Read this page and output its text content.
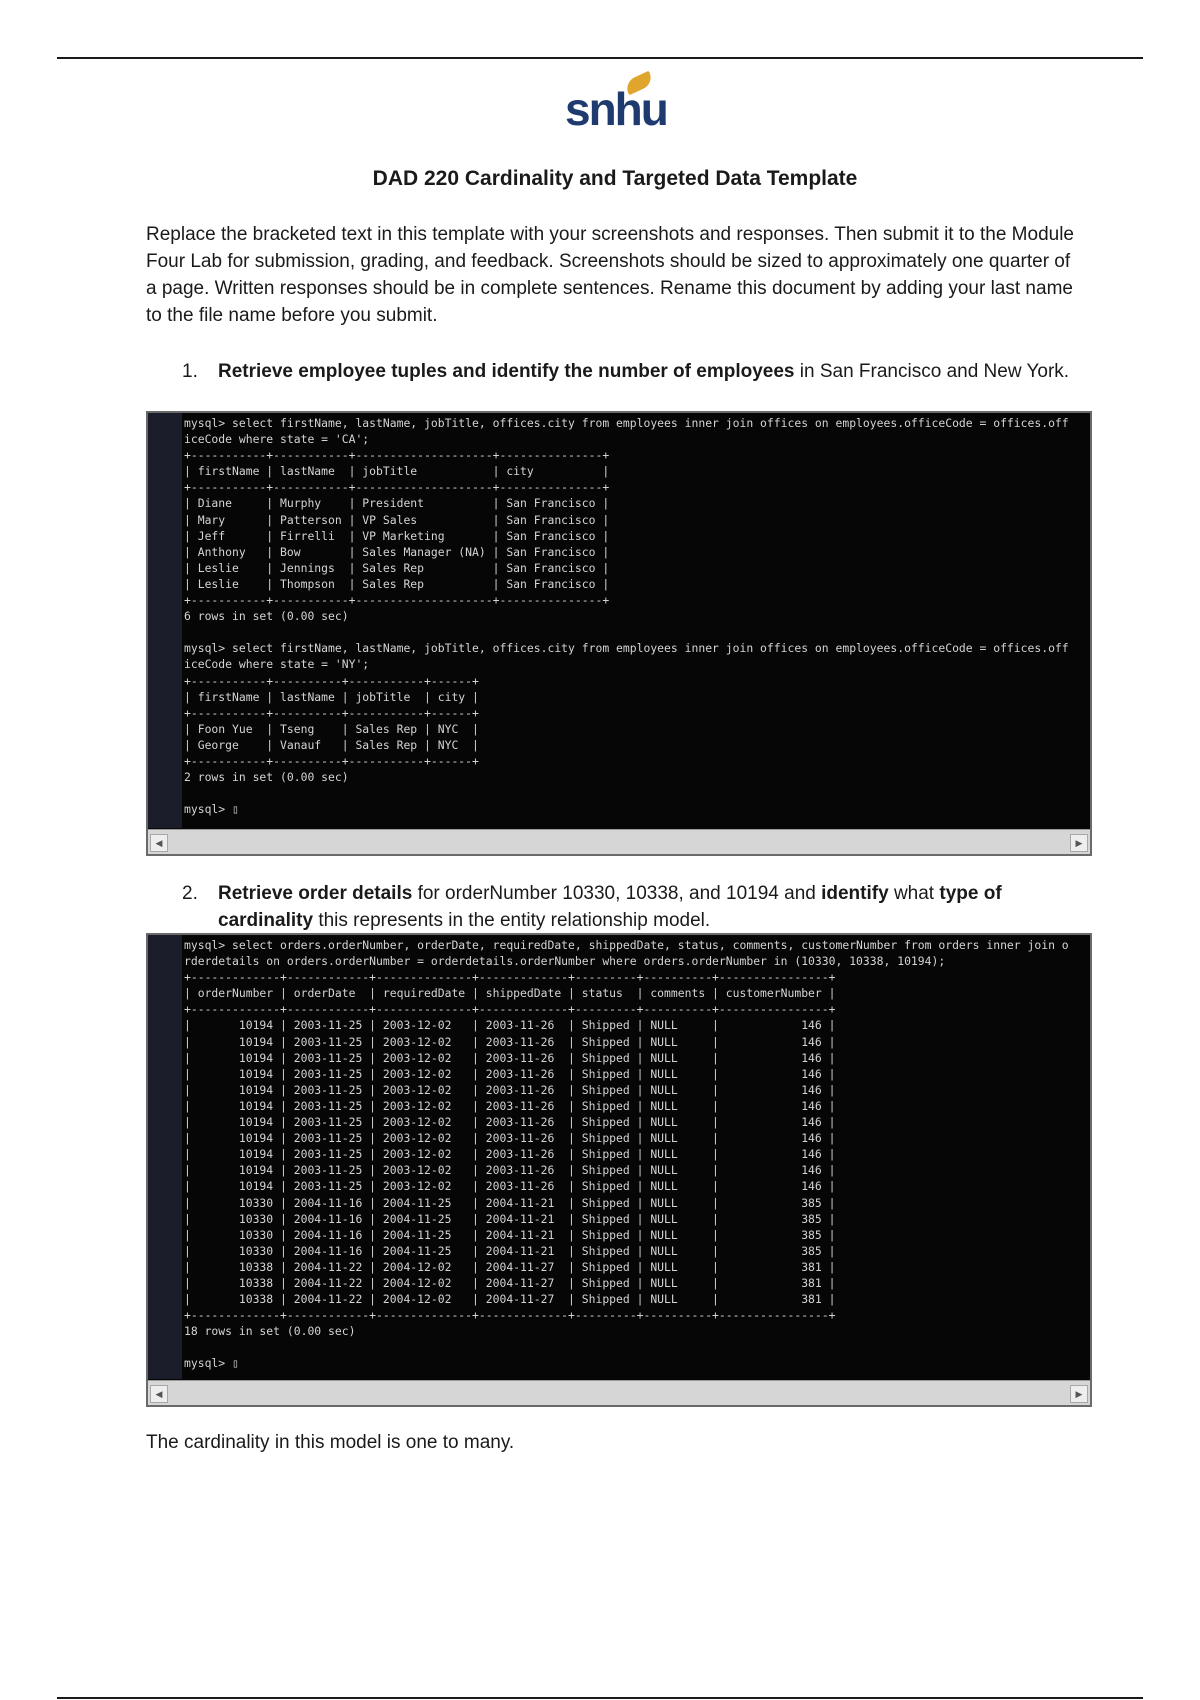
snhu
DAD 220 Cardinality and Targeted Data Template

Replace the bracketed text in this template with your screenshots and responses. Then submit it to the Module Four Lab for submission, grading, and feedback. Screenshots should be sized to approximately one quarter of a page. Written responses should be in complete sentences. Rename this document by adding your last name to the file name before you submit.

1. Retrieve employee tuples and identify the number of employees in San Francisco and New York.
mysql> select firstName, lastName, jobTitle, offices.city from employees inner join offices on employees.officeCode = offices.off
iceCode where state = 'CA';
+-----------+-----------+--------------------+---------------+
| firstName | lastName  | jobTitle           | city          |
+-----------+-----------+--------------------+---------------+
| Diane     | Murphy    | President          | San Francisco |
| Mary      | Patterson | VP Sales           | San Francisco |
| Jeff      | Firrelli  | VP Marketing       | San Francisco |
| Anthony   | Bow       | Sales Manager (NA) | San Francisco |
| Leslie    | Jennings  | Sales Rep          | San Francisco |
| Leslie    | Thompson  | Sales Rep          | San Francisco |
+-----------+-----------+--------------------+---------------+
6 rows in set (0.00 sec)

mysql> select firstName, lastName, jobTitle, offices.city from employees inner join offices on employees.officeCode = offices.off
iceCode where state = 'NY';
+-----------+----------+-----------+------+
| firstName | lastName | jobTitle  | city |
+-----------+----------+-----------+------+
| Foon Yue  | Tseng    | Sales Rep | NYC  |
| George    | Vanauf   | Sales Rep | NYC  |
+-----------+----------+-----------+------+
2 rows in set (0.00 sec)

mysql> ▯

◀	▶
2. Retrieve order details for orderNumber 10330, 10338, and 10194 and identify what type of cardinality this represents in the entity relationship model.
mysql> select orders.orderNumber, orderDate, requiredDate, shippedDate, status, comments, customerNumber from orders inner join o
rderdetails on orders.orderNumber = orderdetails.orderNumber where orders.orderNumber in (10330, 10338, 10194);
+-------------+------------+--------------+-------------+---------+----------+----------------+
| orderNumber | orderDate  | requiredDate | shippedDate | status  | comments | customerNumber |
+-------------+------------+--------------+-------------+---------+----------+----------------+
|       10194 | 2003-11-25 | 2003-12-02   | 2003-11-26  | Shipped | NULL     |            146 |
|       10194 | 2003-11-25 | 2003-12-02   | 2003-11-26  | Shipped | NULL     |            146 |
|       10194 | 2003-11-25 | 2003-12-02   | 2003-11-26  | Shipped | NULL     |            146 |
|       10194 | 2003-11-25 | 2003-12-02   | 2003-11-26  | Shipped | NULL     |            146 |
|       10194 | 2003-11-25 | 2003-12-02   | 2003-11-26  | Shipped | NULL     |            146 |
|       10194 | 2003-11-25 | 2003-12-02   | 2003-11-26  | Shipped | NULL     |            146 |
|       10194 | 2003-11-25 | 2003-12-02   | 2003-11-26  | Shipped | NULL     |            146 |
|       10194 | 2003-11-25 | 2003-12-02   | 2003-11-26  | Shipped | NULL     |            146 |
|       10194 | 2003-11-25 | 2003-12-02   | 2003-11-26  | Shipped | NULL     |            146 |
|       10194 | 2003-11-25 | 2003-12-02   | 2003-11-26  | Shipped | NULL     |            146 |
|       10194 | 2003-11-25 | 2003-12-02   | 2003-11-26  | Shipped | NULL     |            146 |
|       10330 | 2004-11-16 | 2004-11-25   | 2004-11-21  | Shipped | NULL     |            385 |
|       10330 | 2004-11-16 | 2004-11-25   | 2004-11-21  | Shipped | NULL     |            385 |
|       10330 | 2004-11-16 | 2004-11-25   | 2004-11-21  | Shipped | NULL     |            385 |
|       10330 | 2004-11-16 | 2004-11-25   | 2004-11-21  | Shipped | NULL     |            385 |
|       10338 | 2004-11-22 | 2004-12-02   | 2004-11-27  | Shipped | NULL     |            381 |
|       10338 | 2004-11-22 | 2004-12-02   | 2004-11-27  | Shipped | NULL     |            381 |
|       10338 | 2004-11-22 | 2004-12-02   | 2004-11-27  | Shipped | NULL     |            381 |
+-------------+------------+--------------+-------------+---------+----------+----------------+
18 rows in set (0.00 sec)

mysql> ▯

◀	▶
The cardinality in this model is one to many.
